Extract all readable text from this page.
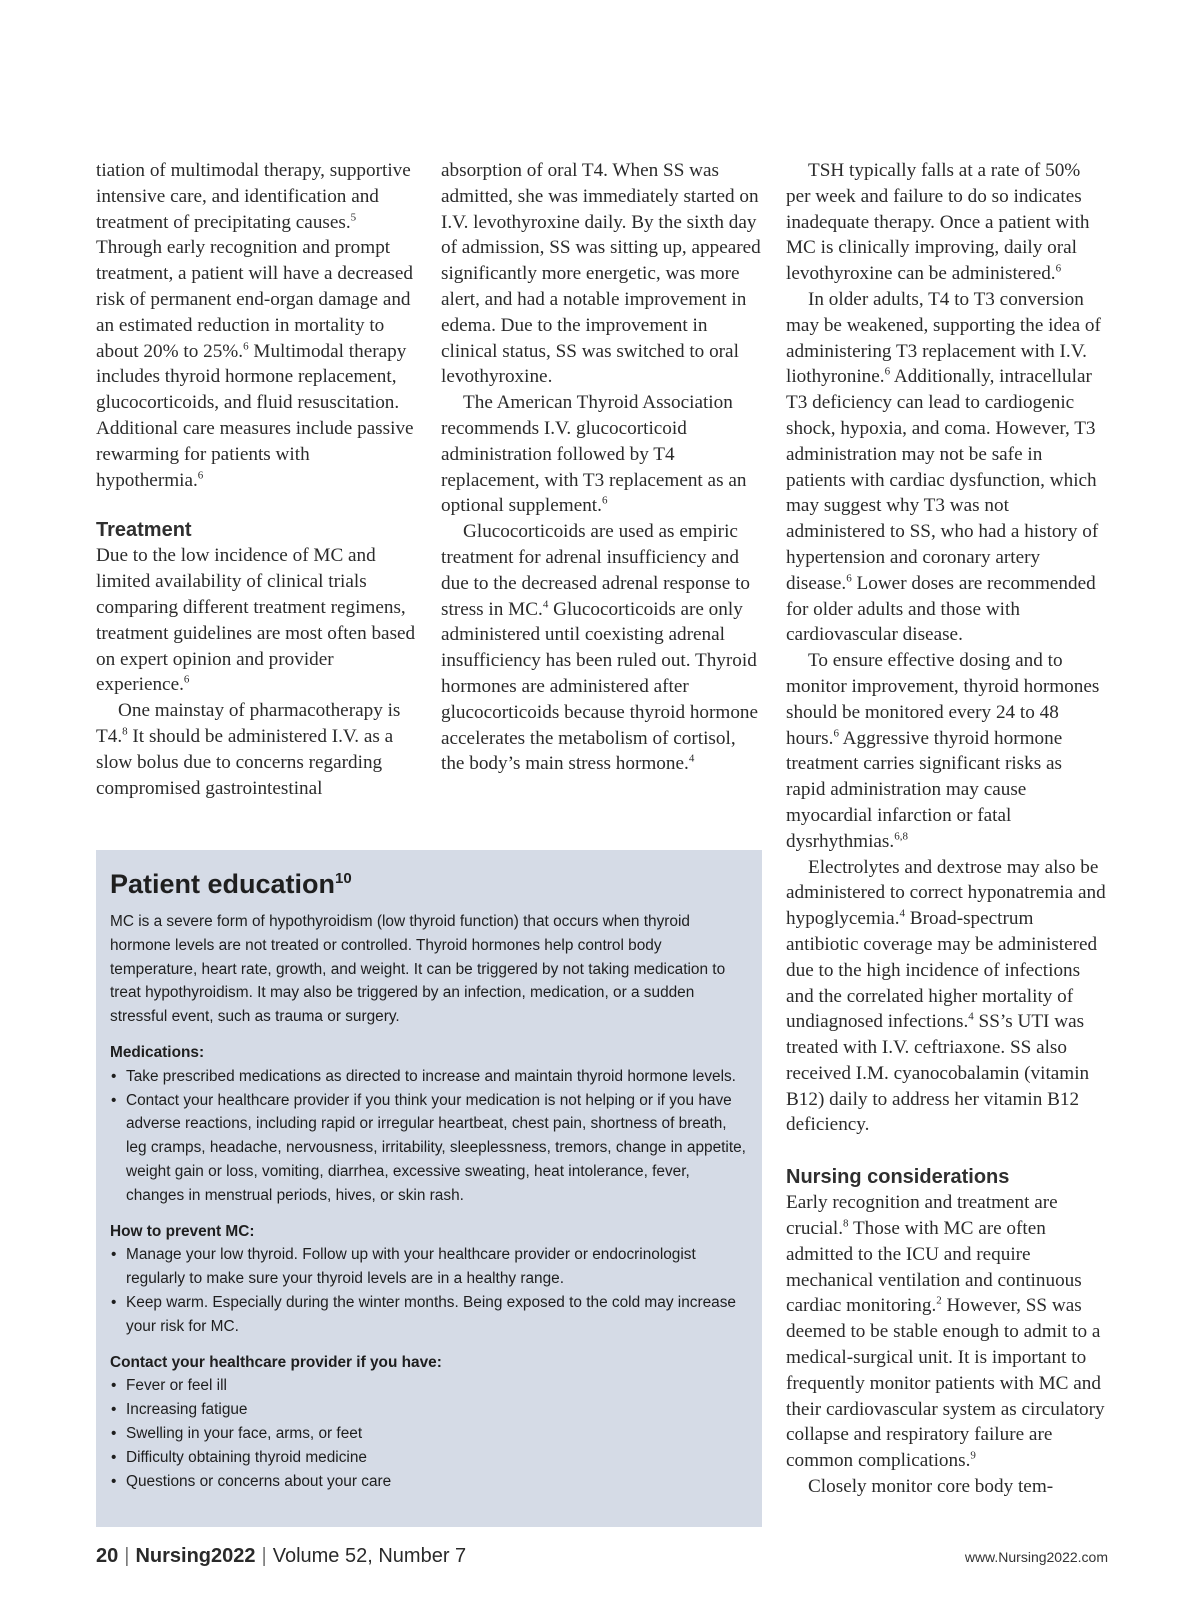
tiation of multimodal therapy, supportive intensive care, and identification and treatment of precipitating causes.$^5$ Through early recognition and prompt treatment, a patient will have a decreased risk of permanent end-organ damage and an estimated reduction in mortality to about 20% to 25%.$^6$ Multimodal therapy includes thyroid hormone replacement, glucocorticoids, and fluid resuscitation. Additional care measures include passive rewarming for patients with hypothermia.$^6$

Treatment

Due to the low incidence of MC and limited availability of clinical trials comparing different treatment regimens, treatment guidelines are most often based on expert opinion and provider experience.$^6$

One mainstay of pharmacotherapy is T4.$^8$ It should be administered I.V. as a slow bolus due to concerns regarding compromised gastrointestinal

absorption of oral T4. When SS was admitted, she was immediately started on I.V. levothyroxine daily. By the sixth day of admission, SS was sitting up, appeared significantly more energetic, was more alert, and had a notable improvement in edema. Due to the improvement in clinical status, SS was switched to oral levothyroxine.

The American Thyroid Association recommends I.V. glucocorticoid administration followed by T4 replacement, with T3 replacement as an optional supplement.$^6$

Glucocorticoids are used as empiric treatment for adrenal insufficiency and due to the decreased adrenal response to stress in MC.$^4$ Glucocorticoids are only administered until coexisting adrenal insufficiency has been ruled out. Thyroid hormones are administered after glucocorticoids because thyroid hormone accelerates the metabolism of cortisol, the body’s main stress hormone.$^4$

TSH typically falls at a rate of 50% per week and failure to do so indicates inadequate therapy. Once a patient with MC is clinically improving, daily oral levothyroxine can be administered.$^6$

In older adults, T4 to T3 conversion may be weakened, supporting the idea of administering T3 replacement with I.V. liothyronine.$^6$ Additionally, intracellular T3 deficiency can lead to cardiogenic shock, hypoxia, and coma. However, T3 administration may not be safe in patients with cardiac dysfunction, which may suggest why T3 was not administered to SS, who had a history of hypertension and coronary artery disease.$^6$ Lower doses are recommended for older adults and those with cardiovascular disease.

To ensure effective dosing and to monitor improvement, thyroid hormones should be monitored every 24 to 48 hours.$^6$ Aggressive thyroid hormone treatment carries significant risks as rapid administration may cause myocardial infarction or fatal dysrhythmias.$^{6,8}$

Electrolytes and dextrose may also be administered to correct hyponatremia and hypoglycemia.$^4$ Broad-spectrum antibiotic coverage may be administered due to the high incidence of infections and the correlated higher mortality of undiagnosed infections.$^4$ SS’s UTI was treated with I.V. ceftriaxone. SS also received I.M. cyanocobalamin (vitamin B12) daily to address her vitamin B12 deficiency.

Nursing considerations

Early recognition and treatment are crucial.$^8$ Those with MC are often admitted to the ICU and require mechanical ventilation and continuous cardiac monitoring.$^2$ However, SS was deemed to be stable enough to admit to a medical-surgical unit. It is important to frequently monitor patients with MC and their cardiovascular system as circulatory collapse and respiratory failure are common complications.$^9$

Closely monitor core body tem-

Patient education$^{10}$

MC is a severe form of hypothyroidism (low thyroid function) that occurs when thyroid hormone levels are not treated or controlled. Thyroid hormones help control body temperature, heart rate, growth, and weight. It can be triggered by not taking medication to treat hypothyroidism. It may also be triggered by an infection, medication, or a sudden stressful event, such as trauma or surgery.

Medications:

• Take prescribed medications as directed to increase and maintain thyroid hormone levels.
• Contact your healthcare provider if you think your medication is not helping or if you have adverse reactions, including rapid or irregular heartbeat, chest pain, shortness of breath, leg cramps, headache, nervousness, irritability, sleeplessness, tremors, change in appetite, weight gain or loss, vomiting, diarrhea, excessive sweating, heat intolerance, fever, changes in menstrual periods, hives, or skin rash.

How to prevent MC:

• Manage your low thyroid. Follow up with your healthcare provider or endocrinologist regularly to make sure your thyroid levels are in a healthy range.
• Keep warm. Especially during the winter months. Being exposed to the cold may increase your risk for MC.

Contact your healthcare provider if you have:

• Fever or feel ill
• Increasing fatigue
• Swelling in your face, arms, or feet
• Difficulty obtaining thyroid medicine
• Questions or concerns about your care
20 | Nursing2022 | Volume 52, Number 7	www.Nursing2022.com
